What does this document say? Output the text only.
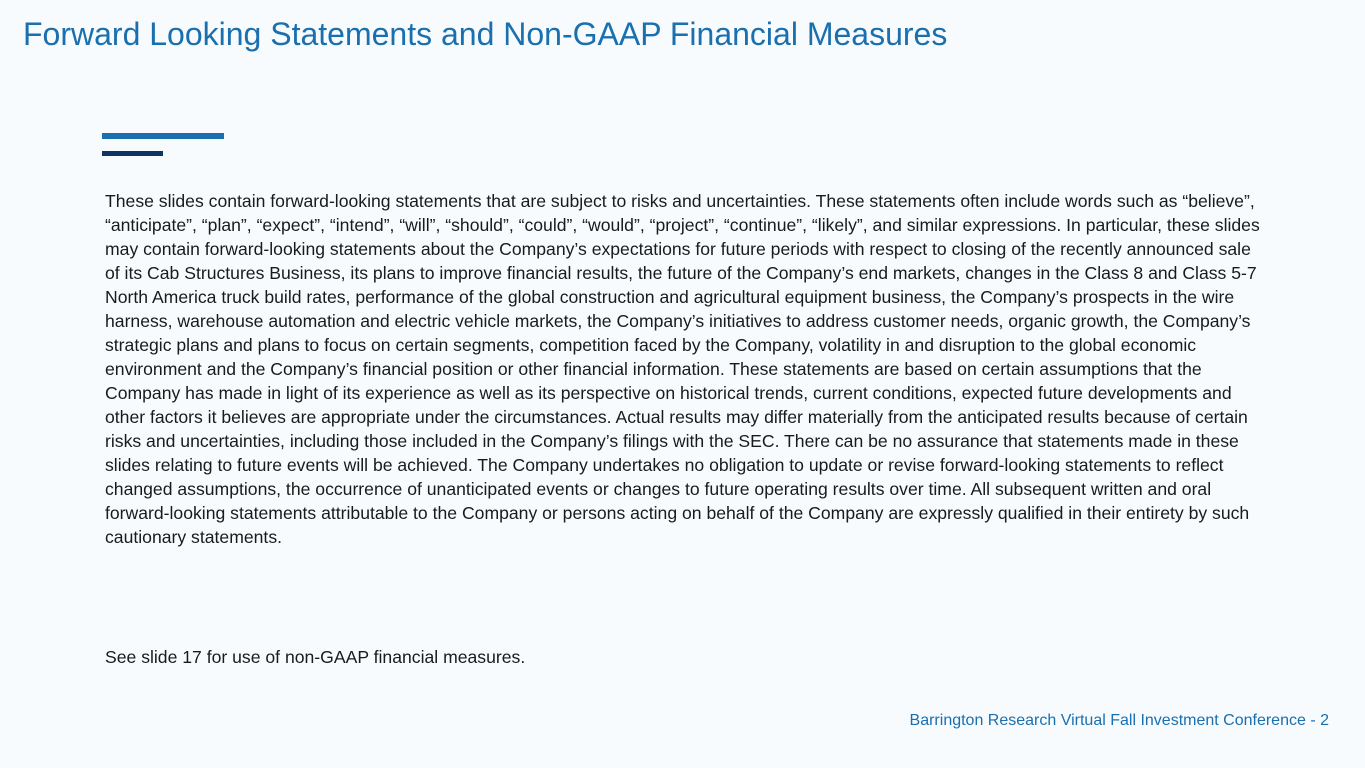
Forward Looking Statements and Non-GAAP Financial Measures

These slides contain forward-looking statements that are subject to risks and uncertainties. These statements often include words such as “believe”, “anticipate”, “plan”, “expect”, “intend”, “will”, “should”, “could”, “would”, “project”, “continue”, “likely”, and similar expressions. In particular, these slides may contain forward-looking statements about the Company’s expectations for future periods with respect to closing of the recently announced sale of its Cab Structures Business, its plans to improve financial results, the future of the Company’s end markets, changes in the Class 8 and Class 5-7 North America truck build rates, performance of the global construction and agricultural equipment business, the Company’s prospects in the wire harness, warehouse automation and electric vehicle markets, the Company’s initiatives to address customer needs, organic growth, the Company’s strategic plans and plans to focus on certain segments, competition faced by the Company, volatility in and disruption to the global economic environment and the Company’s financial position or other financial information. These statements are based on certain assumptions that the Company has made in light of its experience as well as its perspective on historical trends, current conditions, expected future developments and other factors it believes are appropriate under the circumstances. Actual results may differ materially from the anticipated results because of certain risks and uncertainties, including those included in the Company’s filings with the SEC. There can be no assurance that statements made in these slides relating to future events will be achieved. The Company undertakes no obligation to update or revise forward-looking statements to reflect changed assumptions, the occurrence of unanticipated events or changes to future operating results over time. All subsequent written and oral forward-looking statements attributable to the Company or persons acting on behalf of the Company are expressly qualified in their entirety by such cautionary statements.

See slide 17 for use of non-GAAP financial measures.

Barrington Research Virtual Fall Investment Conference - 2
